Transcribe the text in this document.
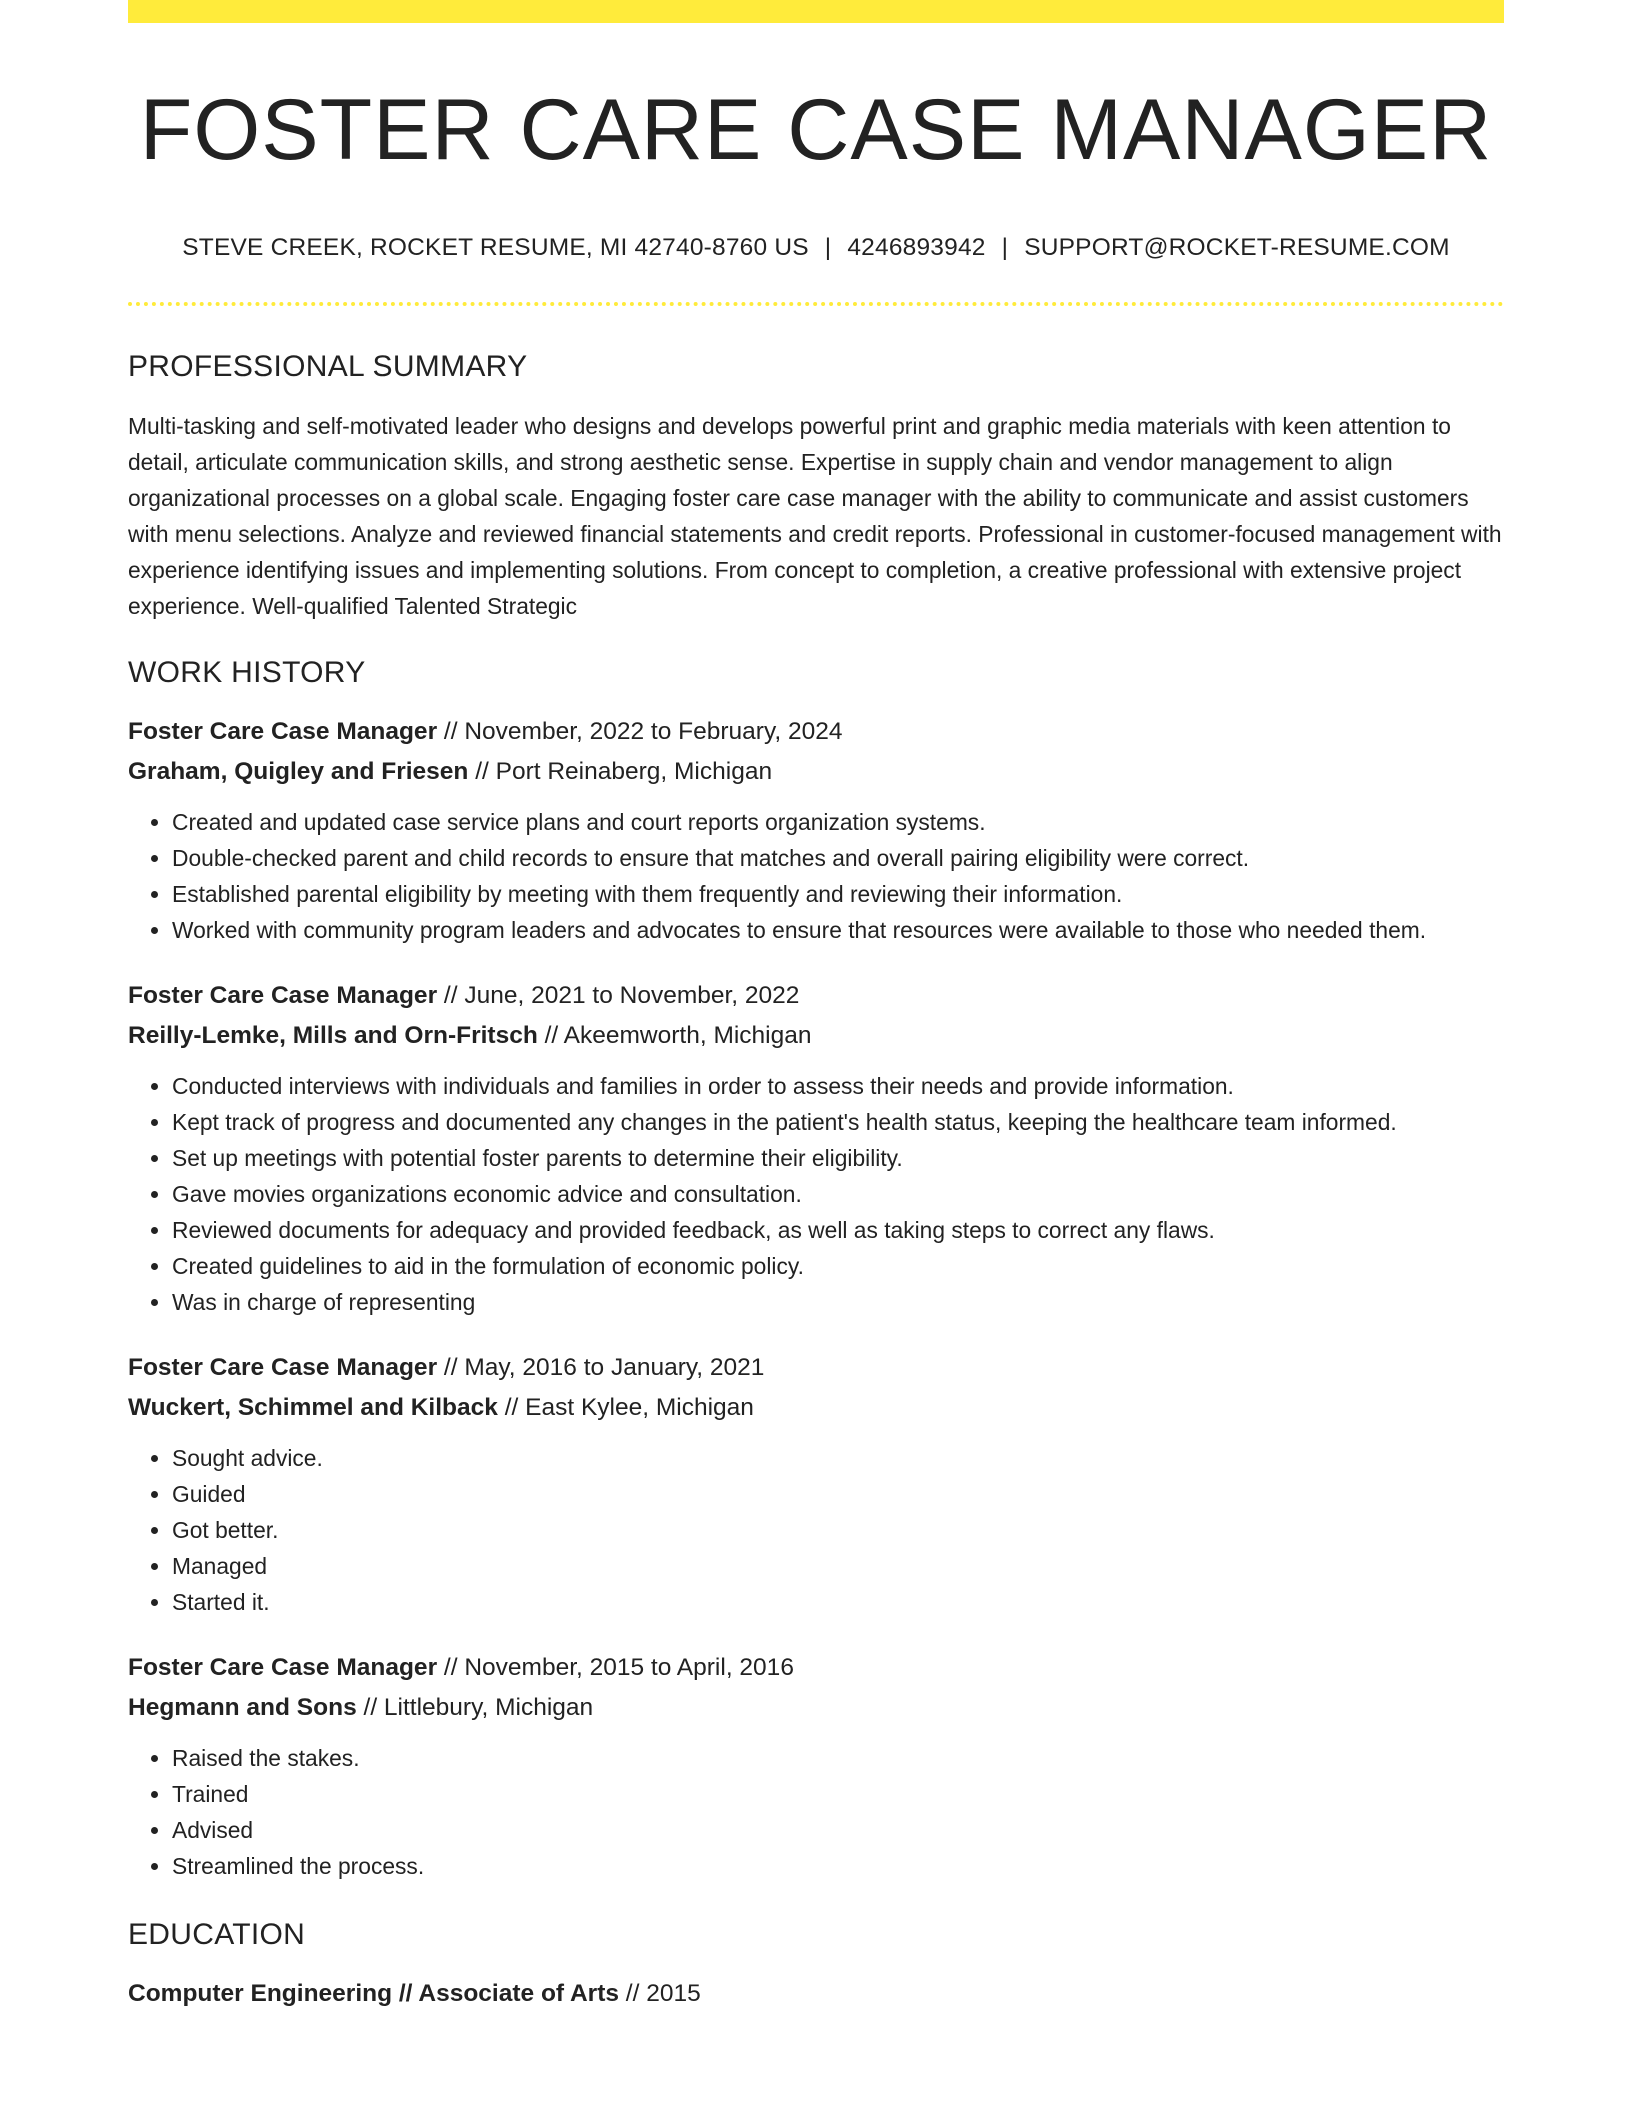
FOSTER CARE CASE MANAGER
STEVE CREEK, ROCKET RESUME, MI 42740-8760 US | 4246893942 | SUPPORT@ROCKET-RESUME.COM
PROFESSIONAL SUMMARY
Multi-tasking and self-motivated leader who designs and develops powerful print and graphic media materials with keen attention to detail, articulate communication skills, and strong aesthetic sense. Expertise in supply chain and vendor management to align organizational processes on a global scale. Engaging foster care case manager with the ability to communicate and assist customers with menu selections. Analyze and reviewed financial statements and credit reports. Professional in customer-focused management with experience identifying issues and implementing solutions. From concept to completion, a creative professional with extensive project experience. Well-qualified Talented Strategic
WORK HISTORY
Foster Care Case Manager // November, 2022 to February, 2024
Graham, Quigley and Friesen // Port Reinaberg, Michigan
• Created and updated case service plans and court reports organization systems.
• Double-checked parent and child records to ensure that matches and overall pairing eligibility were correct.
• Established parental eligibility by meeting with them frequently and reviewing their information.
• Worked with community program leaders and advocates to ensure that resources were available to those who needed them.
Foster Care Case Manager // June, 2021 to November, 2022
Reilly-Lemke, Mills and Orn-Fritsch // Akeemworth, Michigan
• Conducted interviews with individuals and families in order to assess their needs and provide information.
• Kept track of progress and documented any changes in the patient's health status, keeping the healthcare team informed.
• Set up meetings with potential foster parents to determine their eligibility.
• Gave movies organizations economic advice and consultation.
• Reviewed documents for adequacy and provided feedback, as well as taking steps to correct any flaws.
• Created guidelines to aid in the formulation of economic policy.
• Was in charge of representing
Foster Care Case Manager // May, 2016 to January, 2021
Wuckert, Schimmel and Kilback // East Kylee, Michigan
• Sought advice.
• Guided
• Got better.
• Managed
• Started it.
Foster Care Case Manager // November, 2015 to April, 2016
Hegmann and Sons // Littlebury, Michigan
• Raised the stakes.
• Trained
• Advised
• Streamlined the process.
EDUCATION
Computer Engineering // Associate of Arts // 2015
